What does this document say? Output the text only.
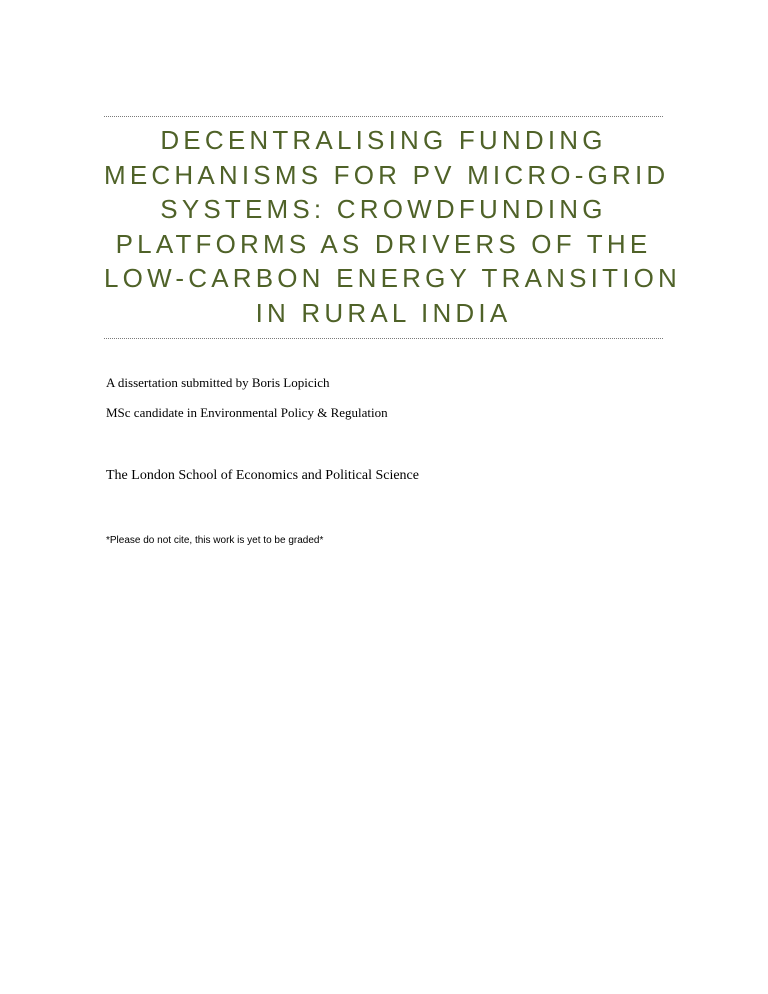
DECENTRALISING FUNDING
MECHANISMS FOR PV MICRO-GRID
SYSTEMS: CROWDFUNDING
PLATFORMS AS DRIVERS OF THE
LOW-CARBON ENERGY TRANSITION
IN RURAL INDIA

A dissertation submitted by Boris Lopicich

MSc candidate in Environmental Policy & Regulation

The London School of Economics and Political Science

*Please do not cite, this work is yet to be graded*
